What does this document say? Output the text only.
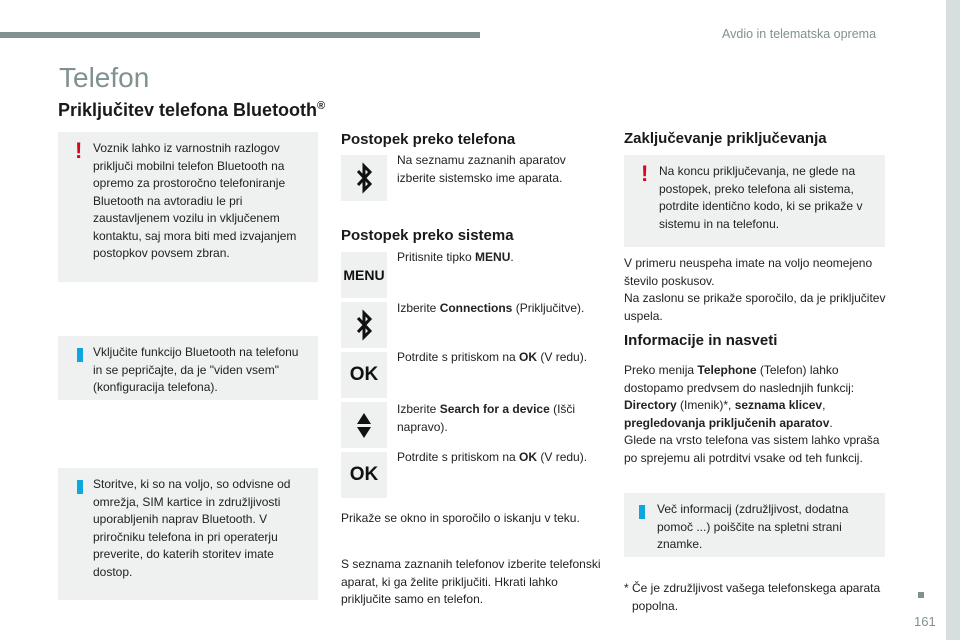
Avdio in telematska oprema
Telefon
Priključitev telefona Bluetooth®
! Voznik lahko iz varnostnih razlogov priključi mobilni telefon Bluetooth na opremo za prostoročno telefoniranje Bluetooth na avtoradiu le pri zaustavljenem vozilu in vključenem kontaktu, saj mora biti med izvajanjem postopkov povsem zbran.

Vključite funkcijo Bluetooth na telefonu in se pepričajte, da je "viden vsem" (konfiguracija telefona).

Storitve, ki so na voljo, so odvisne od omrežja, SIM kartice in združljivosti uporabljenih naprav Bluetooth. V priročniku telefona in pri operaterju preverite, do katerih storitev imate dostop.

Postopek preko telefona
Na seznamu zaznanih aparatov izberite sistemsko ime aparata.
Postopek preko sistema
MENU
Pritisnite tipko MENU.
Izberite Connections (Priključitve).
OK
Potrdite s pritiskom na OK (V redu).
Izberite Search for a device (Išči napravo).
OK
Potrdite s pritiskom na OK (V redu).

Prikaže se okno in sporočilo o iskanju v teku.

S seznama zaznanih telefonov izberite telefonski aparat, ki ga želite priključiti. Hkrati lahko priključite samo en telefon.

Zaključevanje priključevanja
! Na koncu priključevanja, ne glede na postopek, preko telefona ali sistema, potrdite identično kodo, ki se prikaže v sistemu in na telefonu.

V primeru neuspeha imate na voljo neomejeno število poskusov.

Na zaslonu se prikaže sporočilo, da je priključitev uspela.

Informacije in nasveti

Preko menija Telephone (Telefon) lahko dostopamo predvsem do naslednjih funkcij: Directory (Imenik)*, seznama klicev, pregledovanja priključenih aparatov.
Glede na vrsto telefona vas sistem lahko vpraša po sprejemu ali potrditvi vsake od teh funkcij.

Več informacij (združljivost, dodatna pomoč ...) poiščite na spletni strani znamke.

* Če je združljivost vašega telefonskega aparata popolna.

161
